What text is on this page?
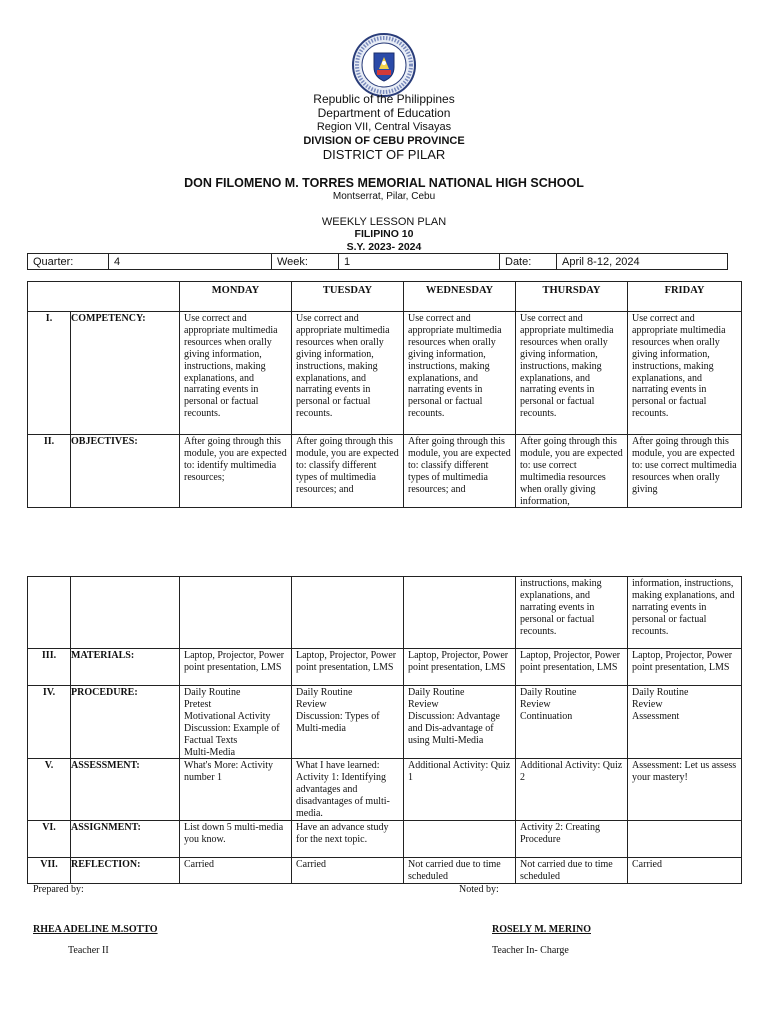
Republic of the Philippines
Department of Education
Region VII, Central Visayas
DIVISION OF CEBU PROVINCE
DISTRICT OF PILAR
DON FILOMENO M. TORRES MEMORIAL NATIONAL HIGH SCHOOL
Montserrat, Pilar, Cebu
WEEKLY LESSON PLAN
FILIPINO 10
S.Y. 2023- 2024
Quarter:	4	Week:	1	Date:	April 8-12, 2024
		MONDAY	TUESDAY	WEDNESDAY	THURSDAY	FRIDAY
I.	COMPETENCY:	Use correct and appropriate multimedia resources when orally giving information, instructions, making explanations, and narrating events in personal or factual recounts.	Use correct and appropriate multimedia resources when orally giving information, instructions, making explanations, and narrating events in personal or factual recounts.	Use correct and appropriate multimedia resources when orally giving information, instructions, making explanations, and narrating events in personal or factual recounts.	Use correct and appropriate multimedia resources when orally giving information, instructions, making explanations, and narrating events in personal or factual recounts.	Use correct and appropriate multimedia resources when orally giving information, instructions, making explanations, and narrating events in personal or factual recounts.
II.	OBJECTIVES:	After going through this module, you are expected to: identify multimedia resources;	After going through this module, you are expected to: classify different types of multimedia resources; and	After going through this module, you are expected to: classify different types of multimedia resources; and	After going through this module, you are expected to: use correct multimedia resources when orally giving information,	After going through this module, you are expected to: use correct multimedia resources when orally giving
					instructions, making explanations, and narrating events in personal or factual recounts.	information, instructions, making explanations, and narrating events in personal or factual recounts.
III.	MATERIALS:	Laptop, Projector, Power point presentation, LMS	Laptop, Projector, Power point presentation, LMS	Laptop, Projector, Power point presentation, LMS	Laptop, Projector, Power point presentation, LMS	Laptop, Projector, Power point presentation, LMS
IV.	PROCEDURE:	Daily Routine
Pretest
Motivational Activity
Discussion: Example of Factual Texts
Multi-Media	Daily Routine
Review
Discussion: Types of Multi-media	Daily Routine
Review
Discussion: Advantage and Dis-advantage of using Multi-Media	Daily Routine
Review
Continuation	Daily Routine
Review
Assessment
V.	ASSESSMENT:	What's More: Activity number 1	What I have learned: Activity 1: Identifying advantages and disadvantages of multi-media.	Additional Activity: Quiz 1	Additional Activity: Quiz 2	Assessment: Let us assess your mastery!
VI.	ASSIGNMENT:	List down 5 multi-media you know.	Have an advance study for the next topic.		Activity 2: Creating Procedure	
VII.	REFLECTION:	Carried	Carried	Not carried due to time scheduled	Not carried due to time scheduled	Carried
Prepared by:	Noted by:
RHEA ADELINE M.SOTTO
Teacher II
ROSELY M. MERINO
Teacher In- Charge
